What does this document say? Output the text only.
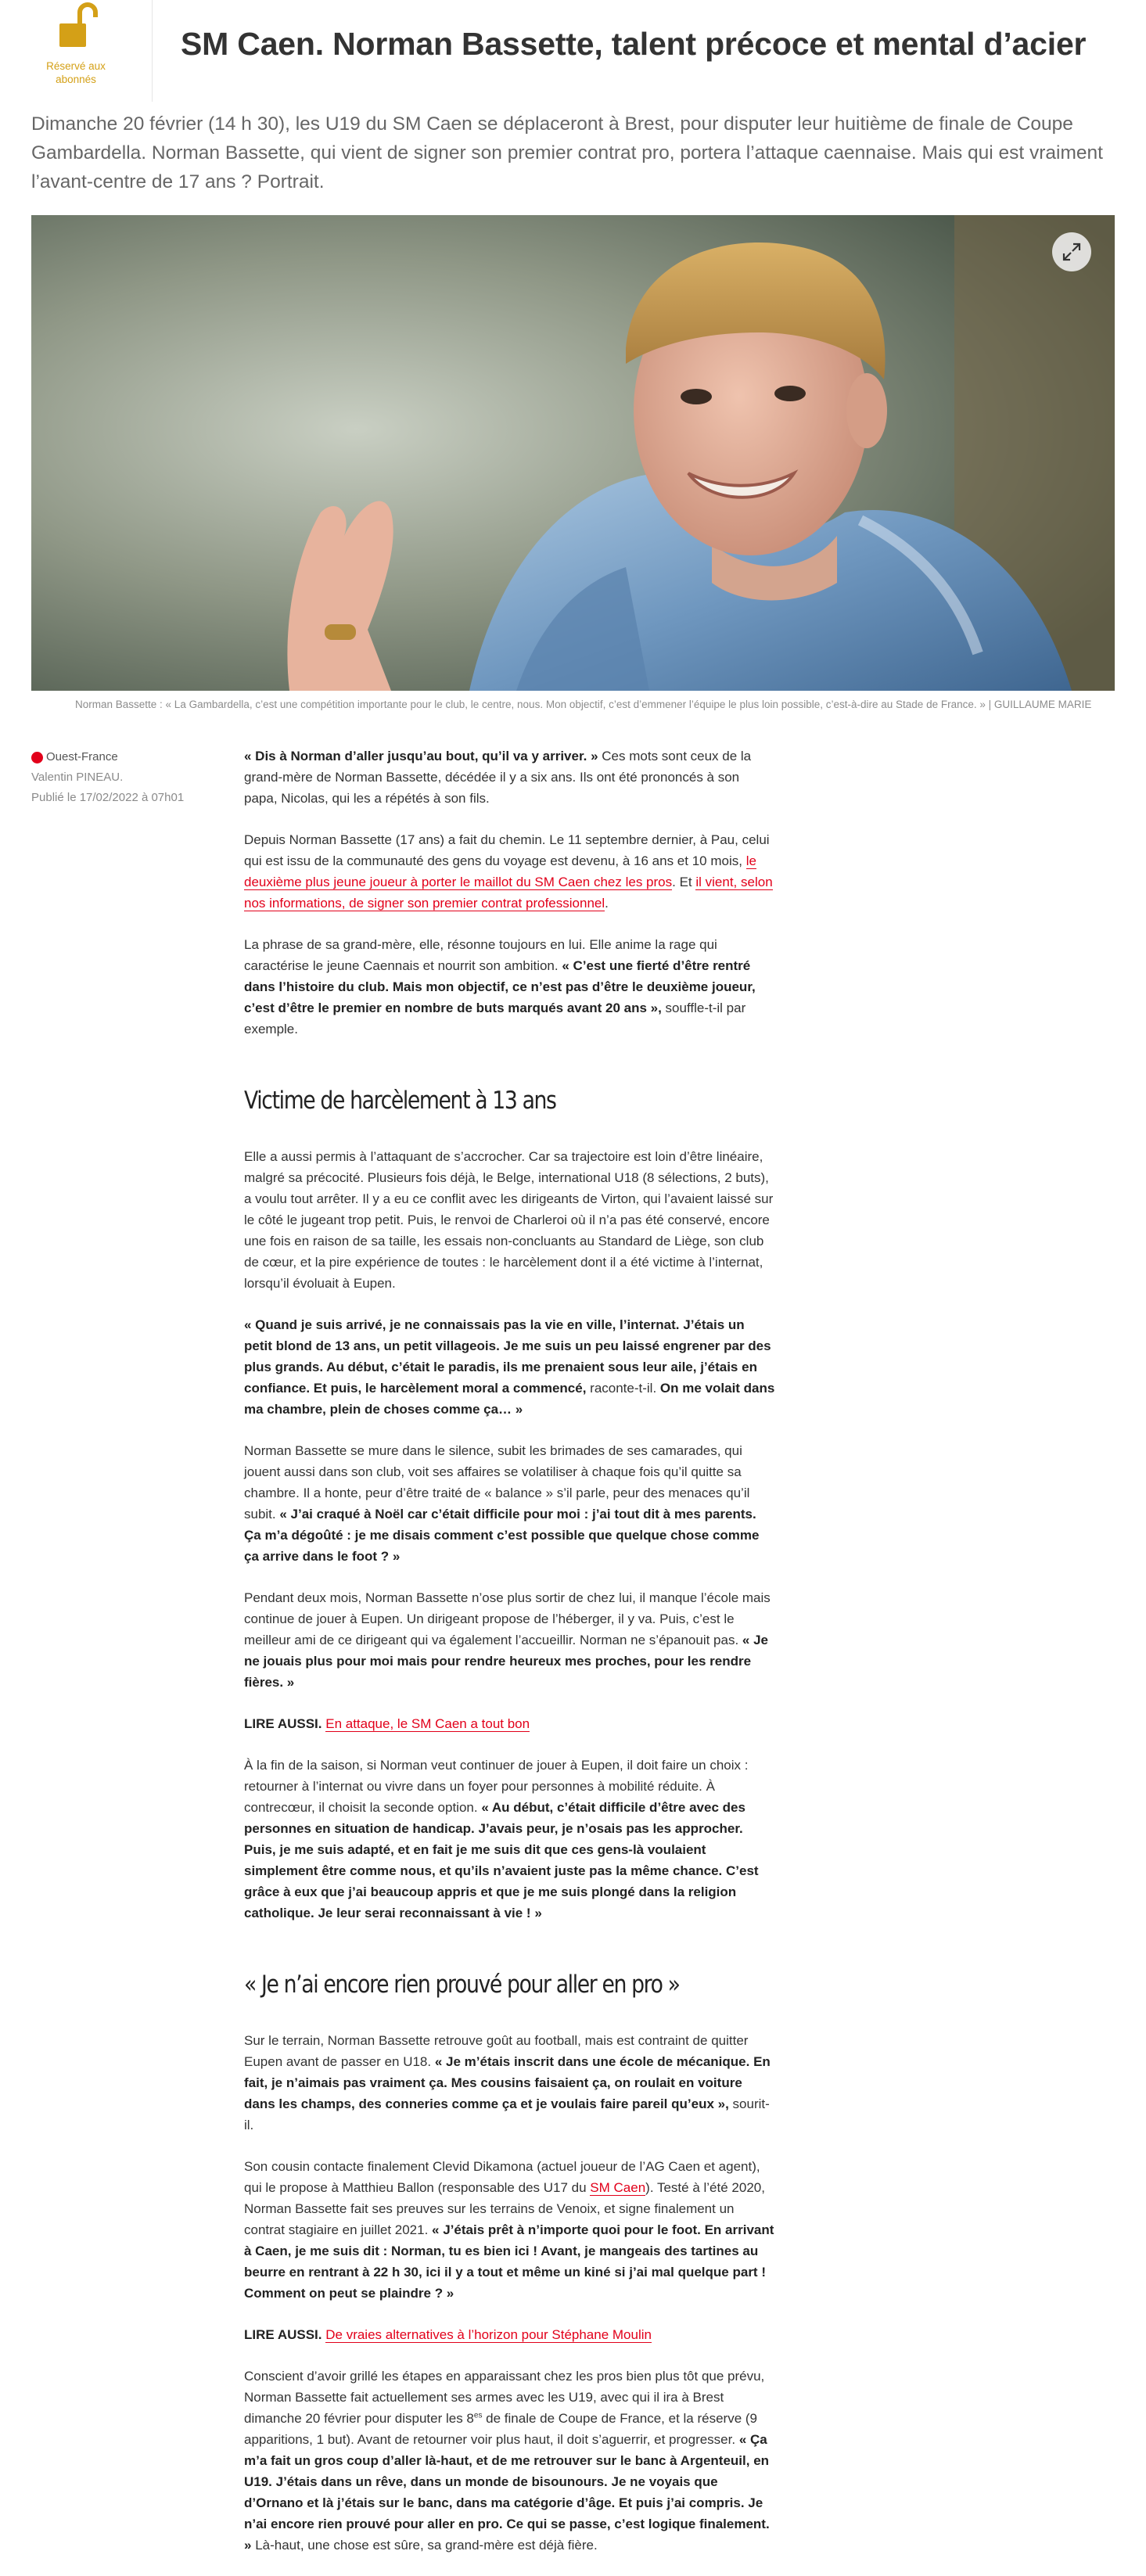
Réservé aux abonnés
SM Caen. Norman Bassette, talent précoce et mental d’acier

Dimanche 20 février (14 h 30), les U19 du SM Caen se déplaceront à Brest, pour disputer leur huitième de finale de Coupe Gambardella. Norman Bassette, qui vient de signer son premier contrat pro, portera l’attaque caennaise. Mais qui est vraiment l’avant-centre de 17 ans ? Portrait.

Norman Bassette : « La Gambardella, c’est une compétition importante pour le club, le centre, nous. Mon objectif, c’est d’emmener l’équipe le plus loin possible, c’est-à-dire au Stade de France. » | GUILLAUME MARIE
Ouest-France
Valentin PINEAU.
Publié le 17/02/2022 à 07h01

« Dis à Norman d’aller jusqu’au bout, qu’il va y arriver. » Ces mots sont ceux de la grand-mère de Norman Bassette, décédée il y a six ans. Ils ont été prononcés à son papa, Nicolas, qui les a répétés à son fils.

Depuis Norman Bassette (17 ans) a fait du chemin. Le 11 septembre dernier, à Pau, celui qui est issu de la communauté des gens du voyage est devenu, à 16 ans et 10 mois, le deuxième plus jeune joueur à porter le maillot du SM Caen chez les pros. Et il vient, selon nos informations, de signer son premier contrat professionnel.

La phrase de sa grand-mère, elle, résonne toujours en lui. Elle anime la rage qui caractérise le jeune Caennais et nourrit son ambition. « C’est une fierté d’être rentré dans l’histoire du club. Mais mon objectif, ce n’est pas d’être le deuxième joueur, c’est d’être le premier en nombre de buts marqués avant 20 ans », souffle-t-il par exemple.

Victime de harcèlement à 13 ans

Elle a aussi permis à l’attaquant de s’accrocher. Car sa trajectoire est loin d’être linéaire, malgré sa précocité. Plusieurs fois déjà, le Belge, international U18 (8 sélections, 2 buts), a voulu tout arrêter. Il y a eu ce conflit avec les dirigeants de Virton, qui l’avaient laissé sur le côté le jugeant trop petit. Puis, le renvoi de Charleroi où il n’a pas été conservé, encore une fois en raison de sa taille, les essais non-concluants au Standard de Liège, son club de cœur, et la pire expérience de toutes : le harcèlement dont il a été victime à l’internat, lorsqu’il évoluait à Eupen.

« Quand je suis arrivé, je ne connaissais pas la vie en ville, l’internat. J’étais un petit blond de 13 ans, un petit villageois. Je me suis un peu laissé engrener par des plus grands. Au début, c’était le paradis, ils me prenaient sous leur aile, j’étais en confiance. Et puis, le harcèlement moral a commencé, raconte-t-il. On me volait dans ma chambre, plein de choses comme ça… »

Norman Bassette se mure dans le silence, subit les brimades de ses camarades, qui jouent aussi dans son club, voit ses affaires se volatiliser à chaque fois qu’il quitte sa chambre. Il a honte, peur d’être traité de « balance » s’il parle, peur des menaces qu’il subit. « J’ai craqué à Noël car c’était difficile pour moi : j’ai tout dit à mes parents. Ça m’a dégoûté : je me disais comment c’est possible que quelque chose comme ça arrive dans le foot ? »

Pendant deux mois, Norman Bassette n’ose plus sortir de chez lui, il manque l’école mais continue de jouer à Eupen. Un dirigeant propose de l’héberger, il y va. Puis, c’est le meilleur ami de ce dirigeant qui va également l’accueillir. Norman ne s’épanouit pas. « Je ne jouais plus pour moi mais pour rendre heureux mes proches, pour les rendre fières. »

LIRE AUSSI. En attaque, le SM Caen a tout bon

À la fin de la saison, si Norman veut continuer de jouer à Eupen, il doit faire un choix : retourner à l’internat ou vivre dans un foyer pour personnes à mobilité réduite. À contrecœur, il choisit la seconde option. « Au début, c’était difficile d’être avec des personnes en situation de handicap. J’avais peur, je n’osais pas les approcher. Puis, je me suis adapté, et en fait je me suis dit que ces gens-là voulaient simplement être comme nous, et qu’ils n’avaient juste pas la même chance. C’est grâce à eux que j’ai beaucoup appris et que je me suis plongé dans la religion catholique. Je leur serai reconnaissant à vie ! »

« Je n’ai encore rien prouvé pour aller en pro »

Sur le terrain, Norman Bassette retrouve goût au football, mais est contraint de quitter Eupen avant de passer en U18. « Je m’étais inscrit dans une école de mécanique. En fait, je n’aimais pas vraiment ça. Mes cousins faisaient ça, on roulait en voiture dans les champs, des conneries comme ça et je voulais faire pareil qu’eux », sourit-il.

Son cousin contacte finalement Clevid Dikamona (actuel joueur de l’AG Caen et agent), qui le propose à Matthieu Ballon (responsable des U17 du SM Caen). Testé à l’été 2020, Norman Bassette fait ses preuves sur les terrains de Venoix, et signe finalement un contrat stagiaire en juillet 2021. « J’étais prêt à n’importe quoi pour le foot. En arrivant à Caen, je me suis dit : Norman, tu es bien ici ! Avant, je mangeais des tartines au beurre en rentrant à 22 h 30, ici il y a tout et même un kiné si j’ai mal quelque part ! Comment on peut se plaindre ? »

LIRE AUSSI. De vraies alternatives à l’horizon pour Stéphane Moulin

Conscient d’avoir grillé les étapes en apparaissant chez les pros bien plus tôt que prévu, Norman Bassette fait actuellement ses armes avec les U19, avec qui il ira à Brest dimanche 20 février pour disputer les $8^{es}$ de finale de Coupe de France, et la réserve (9 apparitions, 1 but). Avant de retourner voir plus haut, il doit s’aguerrir, et progresser. « Ça m’a fait un gros coup d’aller là-haut, et de me retrouver sur le banc à Argenteuil, en U19. J’étais dans un rêve, dans un monde de bisounours. Je ne voyais que d’Ornano et là j’étais sur le banc, dans ma catégorie d’âge. Et puis j’ai compris. Je n’ai encore rien prouvé pour aller en pro. Ce qui se passe, c’est logique finalement. » Là-haut, une chose est sûre, sa grand-mère est déjà fière.
